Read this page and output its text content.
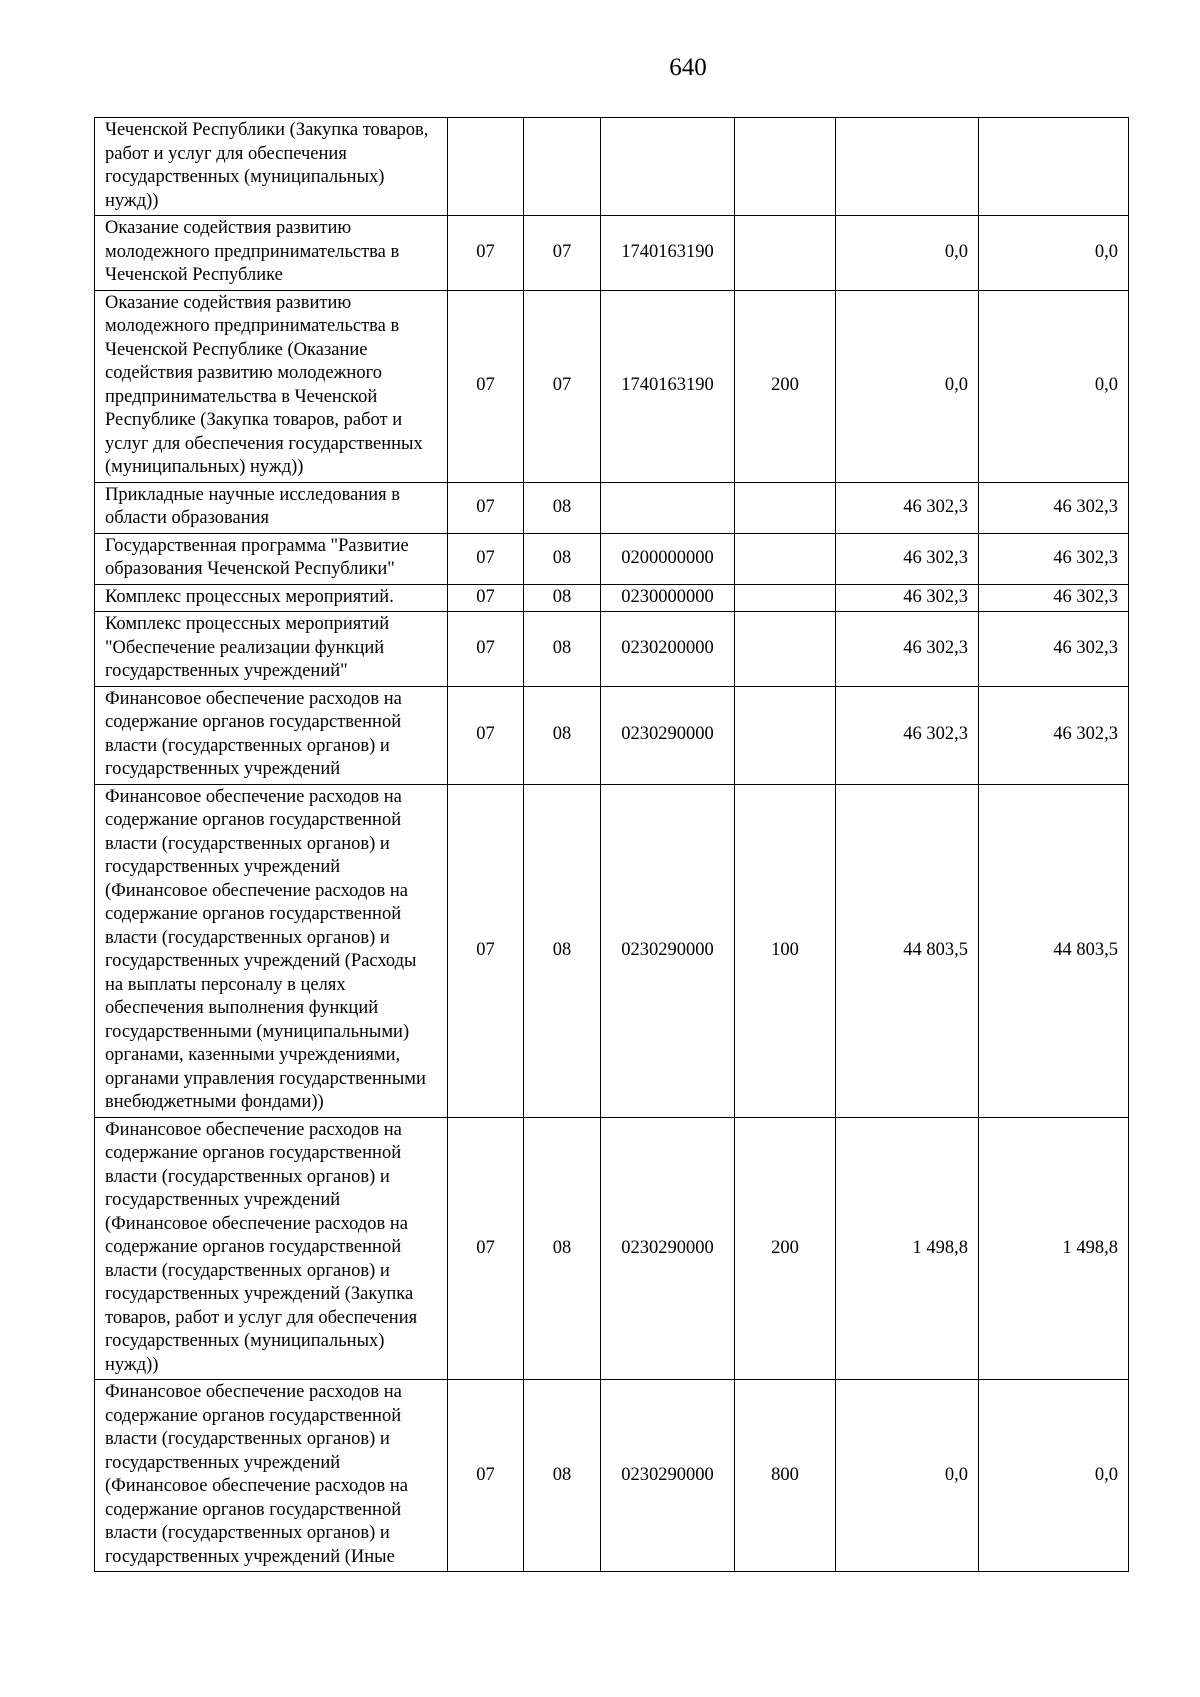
640
Чеченской Республики (Закупка товаров, работ и услуг для обеспечения государственных (муниципальных) нужд))						
Оказание содействия развитию молодежного предпринимательства в Чеченской Республике	07	07	1740163190		0,0	0,0
Оказание содействия развитию молодежного предпринимательства в Чеченской Республике (Оказание содействия развитию молодежного предпринимательства в Чеченской Республике (Закупка товаров, работ и услуг для обеспечения государственных (муниципальных) нужд))	07	07	1740163190	200	0,0	0,0
Прикладные научные исследования в области образования	07	08			46 302,3	46 302,3
Государственная программа "Развитие образования Чеченской Республики"	07	08	0200000000		46 302,3	46 302,3
Комплекс процессных мероприятий.	07	08	0230000000		46 302,3	46 302,3
Комплекс процессных мероприятий "Обеспечение реализации функций государственных учреждений"	07	08	0230200000		46 302,3	46 302,3
Финансовое обеспечение расходов на содержание органов государственной власти (государственных органов) и государственных учреждений	07	08	0230290000		46 302,3	46 302,3
Финансовое обеспечение расходов на содержание органов государственной власти (государственных органов) и государственных учреждений (Финансовое обеспечение расходов на содержание органов государственной власти (государственных органов) и государственных учреждений (Расходы на выплаты персоналу в целях обеспечения выполнения функций государственными (муниципальными) органами, казенными учреждениями, органами управления государственными внебюджетными фондами))	07	08	0230290000	100	44 803,5	44 803,5
Финансовое обеспечение расходов на содержание органов государственной власти (государственных органов) и государственных учреждений (Финансовое обеспечение расходов на содержание органов государственной власти (государственных органов) и государственных учреждений (Закупка товаров, работ и услуг для обеспечения государственных (муниципальных) нужд))	07	08	0230290000	200	1 498,8	1 498,8
Финансовое обеспечение расходов на содержание органов государственной власти (государственных органов) и государственных учреждений (Финансовое обеспечение расходов на содержание органов государственной власти (государственных органов) и государственных учреждений (Иные	07	08	0230290000	800	0,0	0,0
